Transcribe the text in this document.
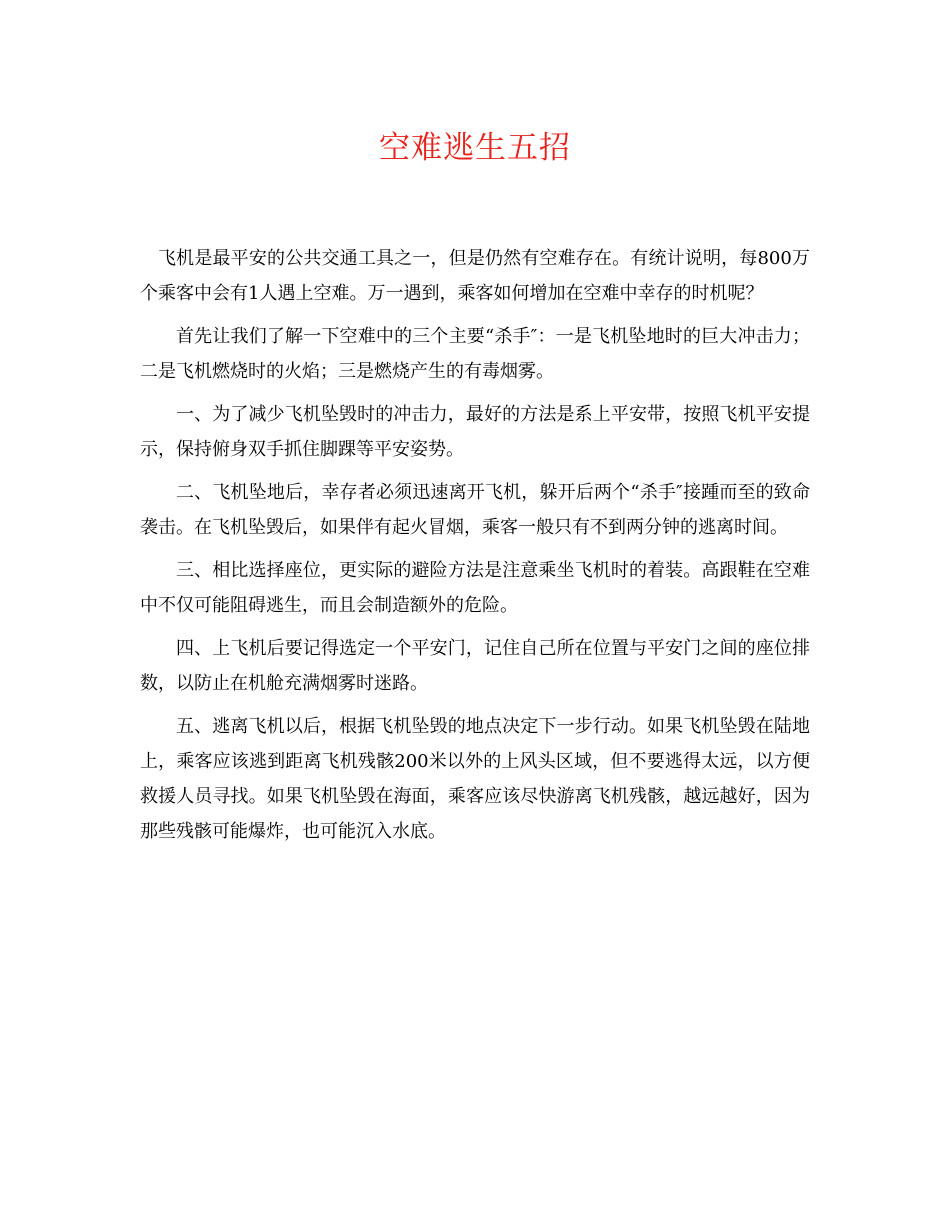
空难逃生五招

飞机是最平安的公共交通工具之一，但是仍然有空难存在。有统计说明，每800万个乘客中会有1人遇上空难。万一遇到，乘客如何增加在空难中幸存的时机呢？

首先让我们了解一下空难中的三个主要“杀手″：一是飞机坠地时的巨大冲击力；二是飞机燃烧时的火焰；三是燃烧产生的有毒烟雾。

一、为了减少飞机坠毁时的冲击力，最好的方法是系上平安带，按照飞机平安提示，保持俯身双手抓住脚踝等平安姿势。

二、飞机坠地后，幸存者必须迅速离开飞机，躲开后两个“杀手″接踵而至的致命袭击。在飞机坠毁后，如果伴有起火冒烟，乘客一般只有不到两分钟的逃离时间。

三、相比选择座位，更实际的避险方法是注意乘坐飞机时的着装。高跟鞋在空难中不仅可能阻碍逃生，而且会制造额外的危险。

四、上飞机后要记得选定一个平安门，记住自己所在位置与平安门之间的座位排数，以防止在机舱充满烟雾时迷路。

五、逃离飞机以后，根据飞机坠毁的地点决定下一步行动。如果飞机坠毁在陆地上，乘客应该逃到距离飞机残骸200米以外的上风头区域，但不要逃得太远，以方便救援人员寻找。如果飞机坠毁在海面，乘客应该尽快游离飞机残骸，越远越好，因为那些残骸可能爆炸，也可能沉入水底。
